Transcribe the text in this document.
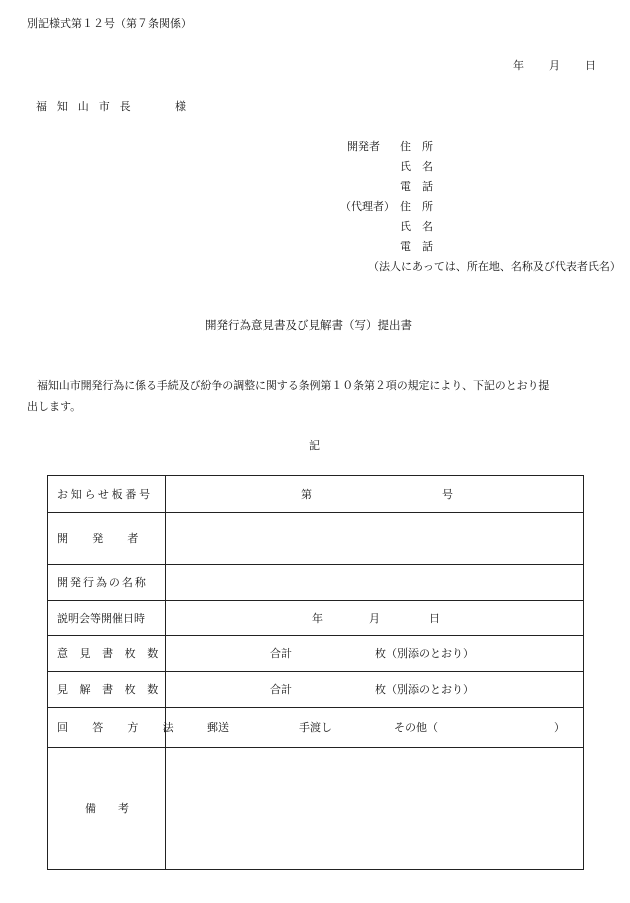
別記様式第１２号（第７条関係）
年 月 日
福知山市長	様
開発者 住　所
氏　名
電　話
（代理者） 住　所
氏　名
電　話
（法人にあっては、所在地、名称及び代表者氏名）
開発行為意見書及び見解書（写）提出書
福知山市開発行為に係る手続及び紛争の調整に関する条例第１０条第２項の規定により、下記のとおり提
出します。
記
お知らせ板番号	第	号
開発者
開発行為の名称
説明会等開催日時	年	月	日
意見書枚数	合計	枚（別添のとおり）
見解書枚数	合計	枚（別添のとおり）
回答方法 郵送	手渡し	その他（	）
備考
